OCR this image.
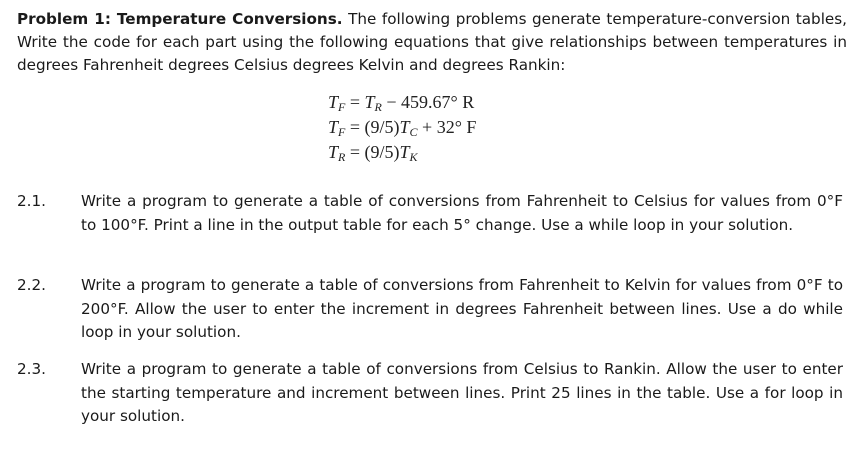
Problem 1: Temperature Conversions. The following problems generate temperature-conversion tables, Write the code for each part using the following equations that give relationships between temperatures in degrees Fahrenheit degrees Celsius degrees Kelvin and degrees Rankin:
$T_F = T_R - 459.67^\circ$ R
$T_F = (9/5)T_C + 32^\circ$ F
$T_R = (9/5)T_K$
2.1.	Write a program to generate a table of conversions from Fahrenheit to Celsius for values from 0°F to 100°F. Print a line in the output table for each 5° change. Use a while loop in your solution.
2.2.	Write a program to generate a table of conversions from Fahrenheit to Kelvin for values from 0°F to 200°F. Allow the user to enter the increment in degrees Fahrenheit between lines. Use a do while loop in your solution.
2.3.	Write a program to generate a table of conversions from Celsius to Rankin. Allow the user to enter the starting temperature and increment between lines. Print 25 lines in the table. Use a for loop in your solution.
